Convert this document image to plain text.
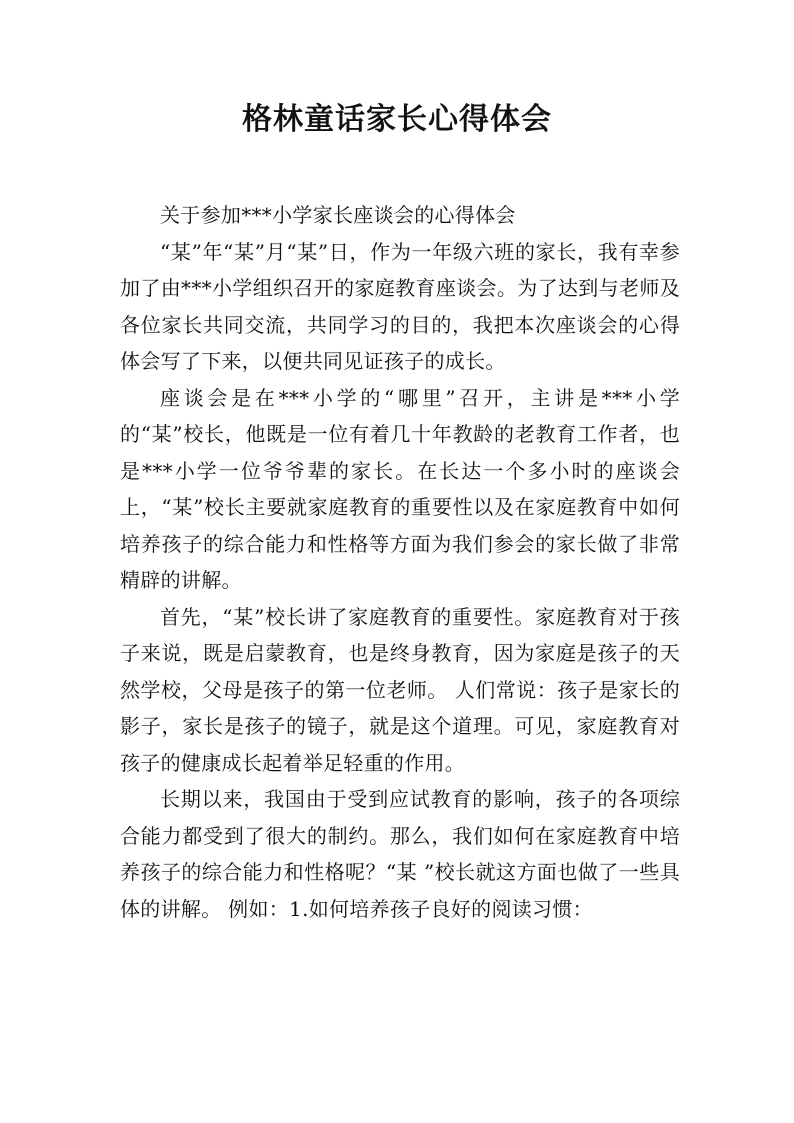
格林童话家长心得体会

关于参加***小学家长座谈会的心得体会

“某”年“某”月“某”日，作为一年级六班的家长，我有幸参加了由***小学组织召开的家庭教育座谈会。为了达到与老师及各位家长共同交流，共同学习的目的，我把本次座谈会的心得体会写了下来，以便共同见证孩子的成长。

座谈会是在***小学的“哪里”召开，主讲是***小学的“某”校长，他既是一位有着几十年教龄的老教育工作者，也是***小学一位爷爷辈的家长。在长达一个多小时的座谈会上，“某”校长主要就家庭教育的重要性以及在家庭教育中如何培养孩子的综合能力和性格等方面为我们参会的家长做了非常精辟的讲解。

首先，“某”校长讲了家庭教育的重要性。家庭教育对于孩子来说，既是启蒙教育，也是终身教育，因为家庭是孩子的天然学校，父母是孩子的第一位老师。 人们常说：孩子是家长的影子，家长是孩子的镜子，就是这个道理。可见，家庭教育对孩子的健康成长起着举足轻重的作用。

长期以来，我国由于受到应试教育的影响，孩子的各项综合能力都受到了很大的制约。那么，我们如何在家庭教育中培养孩子的综合能力和性格呢？“某 ”校长就这方面也做了一些具体的讲解。 例如：1.如何培养孩子良好的阅读习惯：
